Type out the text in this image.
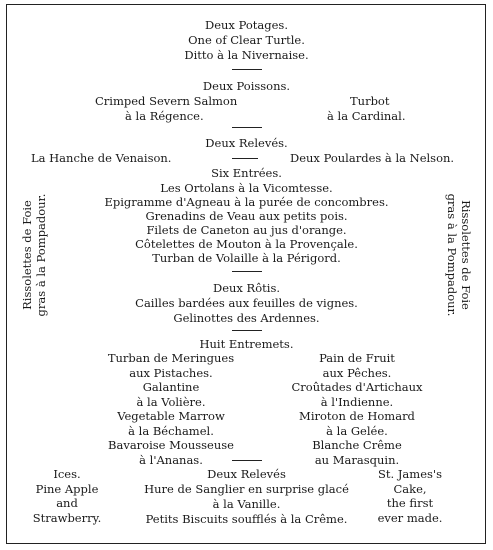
Deux Potages.
One of Clear Turtle.
Ditto à la Nivernaise.
Deux Poissons.
Crimped Severn Salmon
à la Régence.
Turbot
à la Cardinal.
Deux Relevés.
La Hanche de Venaison.	Deux Poulardes à la Nelson.
Six Entrées.
Les Ortolans à la Vicomtesse.
Epigramme d'Agneau à la purée de concombres.
Grenadins de Veau aux petits pois.
Filets de Caneton au jus d'orange.
Côtelettes de Mouton à la Provençale.
Turban de Volaille à la Périgord.
Rissolettes de Foie gras à la Pompadour.	Rissolettes de Foie
gras à la Pompadour.
Deux Rôtis.
Cailles bardées aux feuilles de vignes.
Gelinottes des Ardennes.
Huit Entremets.
Turban de Meringues
aux Pistaches.
Galantine
à la Volière.
Vegetable Marrow
à la Béchamel.
Bavaroise Mousseuse
à l'Ananas.
Pain de Fruit
aux Pêches.
Croûtades d'Artichaux
à l'Indienne.
Miroton de Homard
à la Gelée.
Blanche Crême
au Marasquin.
Deux Relevés
Hure de Sanglier en surprise glacé
à la Vanille.
Petits Biscuits soufflés à la Crême.
Ices.
Pine Apple
and
Strawberry.
St. James's
Cake,
the first
ever made.
